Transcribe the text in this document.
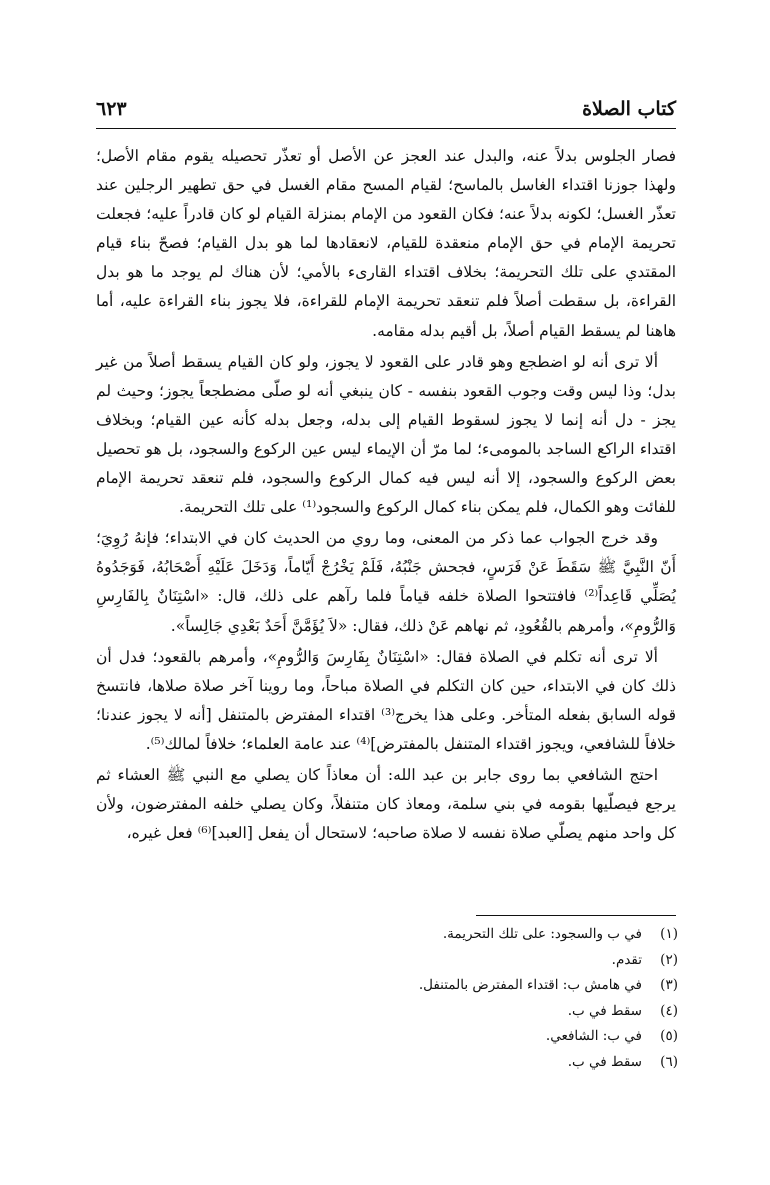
كتاب الصلاة
٦٢٣

فصار الجلوس بدلاً عنه، والبدل عند العجز عن الأصل أو تعذّر تحصيله يقوم مقام الأصل؛ ولهذا جوزنا اقتداء الغاسل بالماسح؛ لقيام المسح مقام الغسل في حق تطهير الرجلين عند تعذّر الغسل؛ لكونه بدلاً عنه؛ فكان القعود من الإمام بمنزلة القيام لو كان قادراً عليه؛ فجعلت تحريمة الإمام في حق الإمام منعقدة للقيام، لانعقادها لما هو بدل القيام؛ فصحّ بناء قيام المقتدي على تلك التحريمة؛ بخلاف اقتداء القارىء بالأمي؛ لأن هناك لم يوجد ما هو بدل القراءة، بل سقطت أصلاً فلم تنعقد تحريمة الإمام للقراءة، فلا يجوز بناء القراءة عليه، أما هاهنا لم يسقط القيام أصلاً، بل أقيم بدله مقامه.

ألا ترى أنه لو اضطجع وهو قادر على القعود لا يجوز، ولو كان القيام يسقط أصلاً من غير بدل؛ وذا ليس وقت وجوب القعود بنفسه - كان ينبغي أنه لو صلّى مضطجعاً يجوز؛ وحيث لم يجز - دل أنه إنما لا يجوز لسقوط القيام إلى بدله، وجعل بدله كأنه عين القيام؛ وبخلاف اقتداء الراكع الساجد بالمومىء؛ لما مرّ أن الإيماء ليس عين الركوع والسجود، بل هو تحصيل بعض الركوع والسجود، إلا أنه ليس فيه كمال الركوع والسجود، فلم تنعقد تحريمة الإمام للفائت وهو الكمال، فلم يمكن بناء كمال الركوع والسجود⁽¹⁾ على تلك التحريمة.

وقد خرج الجواب عما ذكر من المعنى، وما روي من الحديث كان في الابتداء؛ فإنهُ رُوِيَ؛ أَنّ النَّبِيَّ ﷺ سَقَطَ عَنْ فَرَسٍ، فجحش جَنْبُهُ، فَلَمْ يَخْرُجْ أَيّاماً، وَدَخَلَ عَلَيْهِ أَصْحَابُهُ، فَوَجَدُوهُ يُصَلِّي قَاعِداً⁽²⁾ فافتتحوا الصلاة خلفه قياماً فلما رآهم على ذلك، قال: «اسْتِنَانٌ بِالفَارِسِ وَالرُّومِ»، وأمرهم بالقُعُودِ، ثم نهاهم عَنْ ذلك، فقال: «لاَ يُؤَمَّنَّ أَحَدٌ بَعْدِي جَالِساً».

ألا ترى أنه تكلم في الصلاة فقال: «اسْتِنَانٌ بِفَارِسَ وَالرُّومِ»، وأمرهم بالقعود؛ فدل أن ذلك كان في الابتداء، حين كان التكلم في الصلاة مباحاً، وما روينا آخر صلاة صلاها، فانتسخ قوله السابق بفعله المتأخر. وعلى هذا يخرج⁽³⁾ اقتداء المفترض بالمتنفل [أنه لا يجوز عندنا؛ خلافاً للشافعي، ويجوز اقتداء المتنفل بالمفترض]⁽⁴⁾ عند عامة العلماء؛ خلافاً لمالك⁽⁵⁾.

احتج الشافعي بما روى جابر بن عبد الله: أن معاذاً كان يصلي مع النبي ﷺ العشاء ثم يرجع فيصلّيها بقومه في بني سلمة، ومعاذ كان متنفلاً، وكان يصلي خلفه المفترضون، ولأن كل واحد منهم يصلّي صلاة نفسه لا صلاة صاحبه؛ لاستحال أن يفعل [العبد]⁽⁶⁾ فعل غيره،

(١)
في ب والسجود: على تلك التحريمة.
(٢)
تقدم.
(٣)
في هامش ب: اقتداء المفترض بالمتنفل.
(٤)
سقط في ب.
(٥)
في ب: الشافعي.
(٦)
سقط في ب.
